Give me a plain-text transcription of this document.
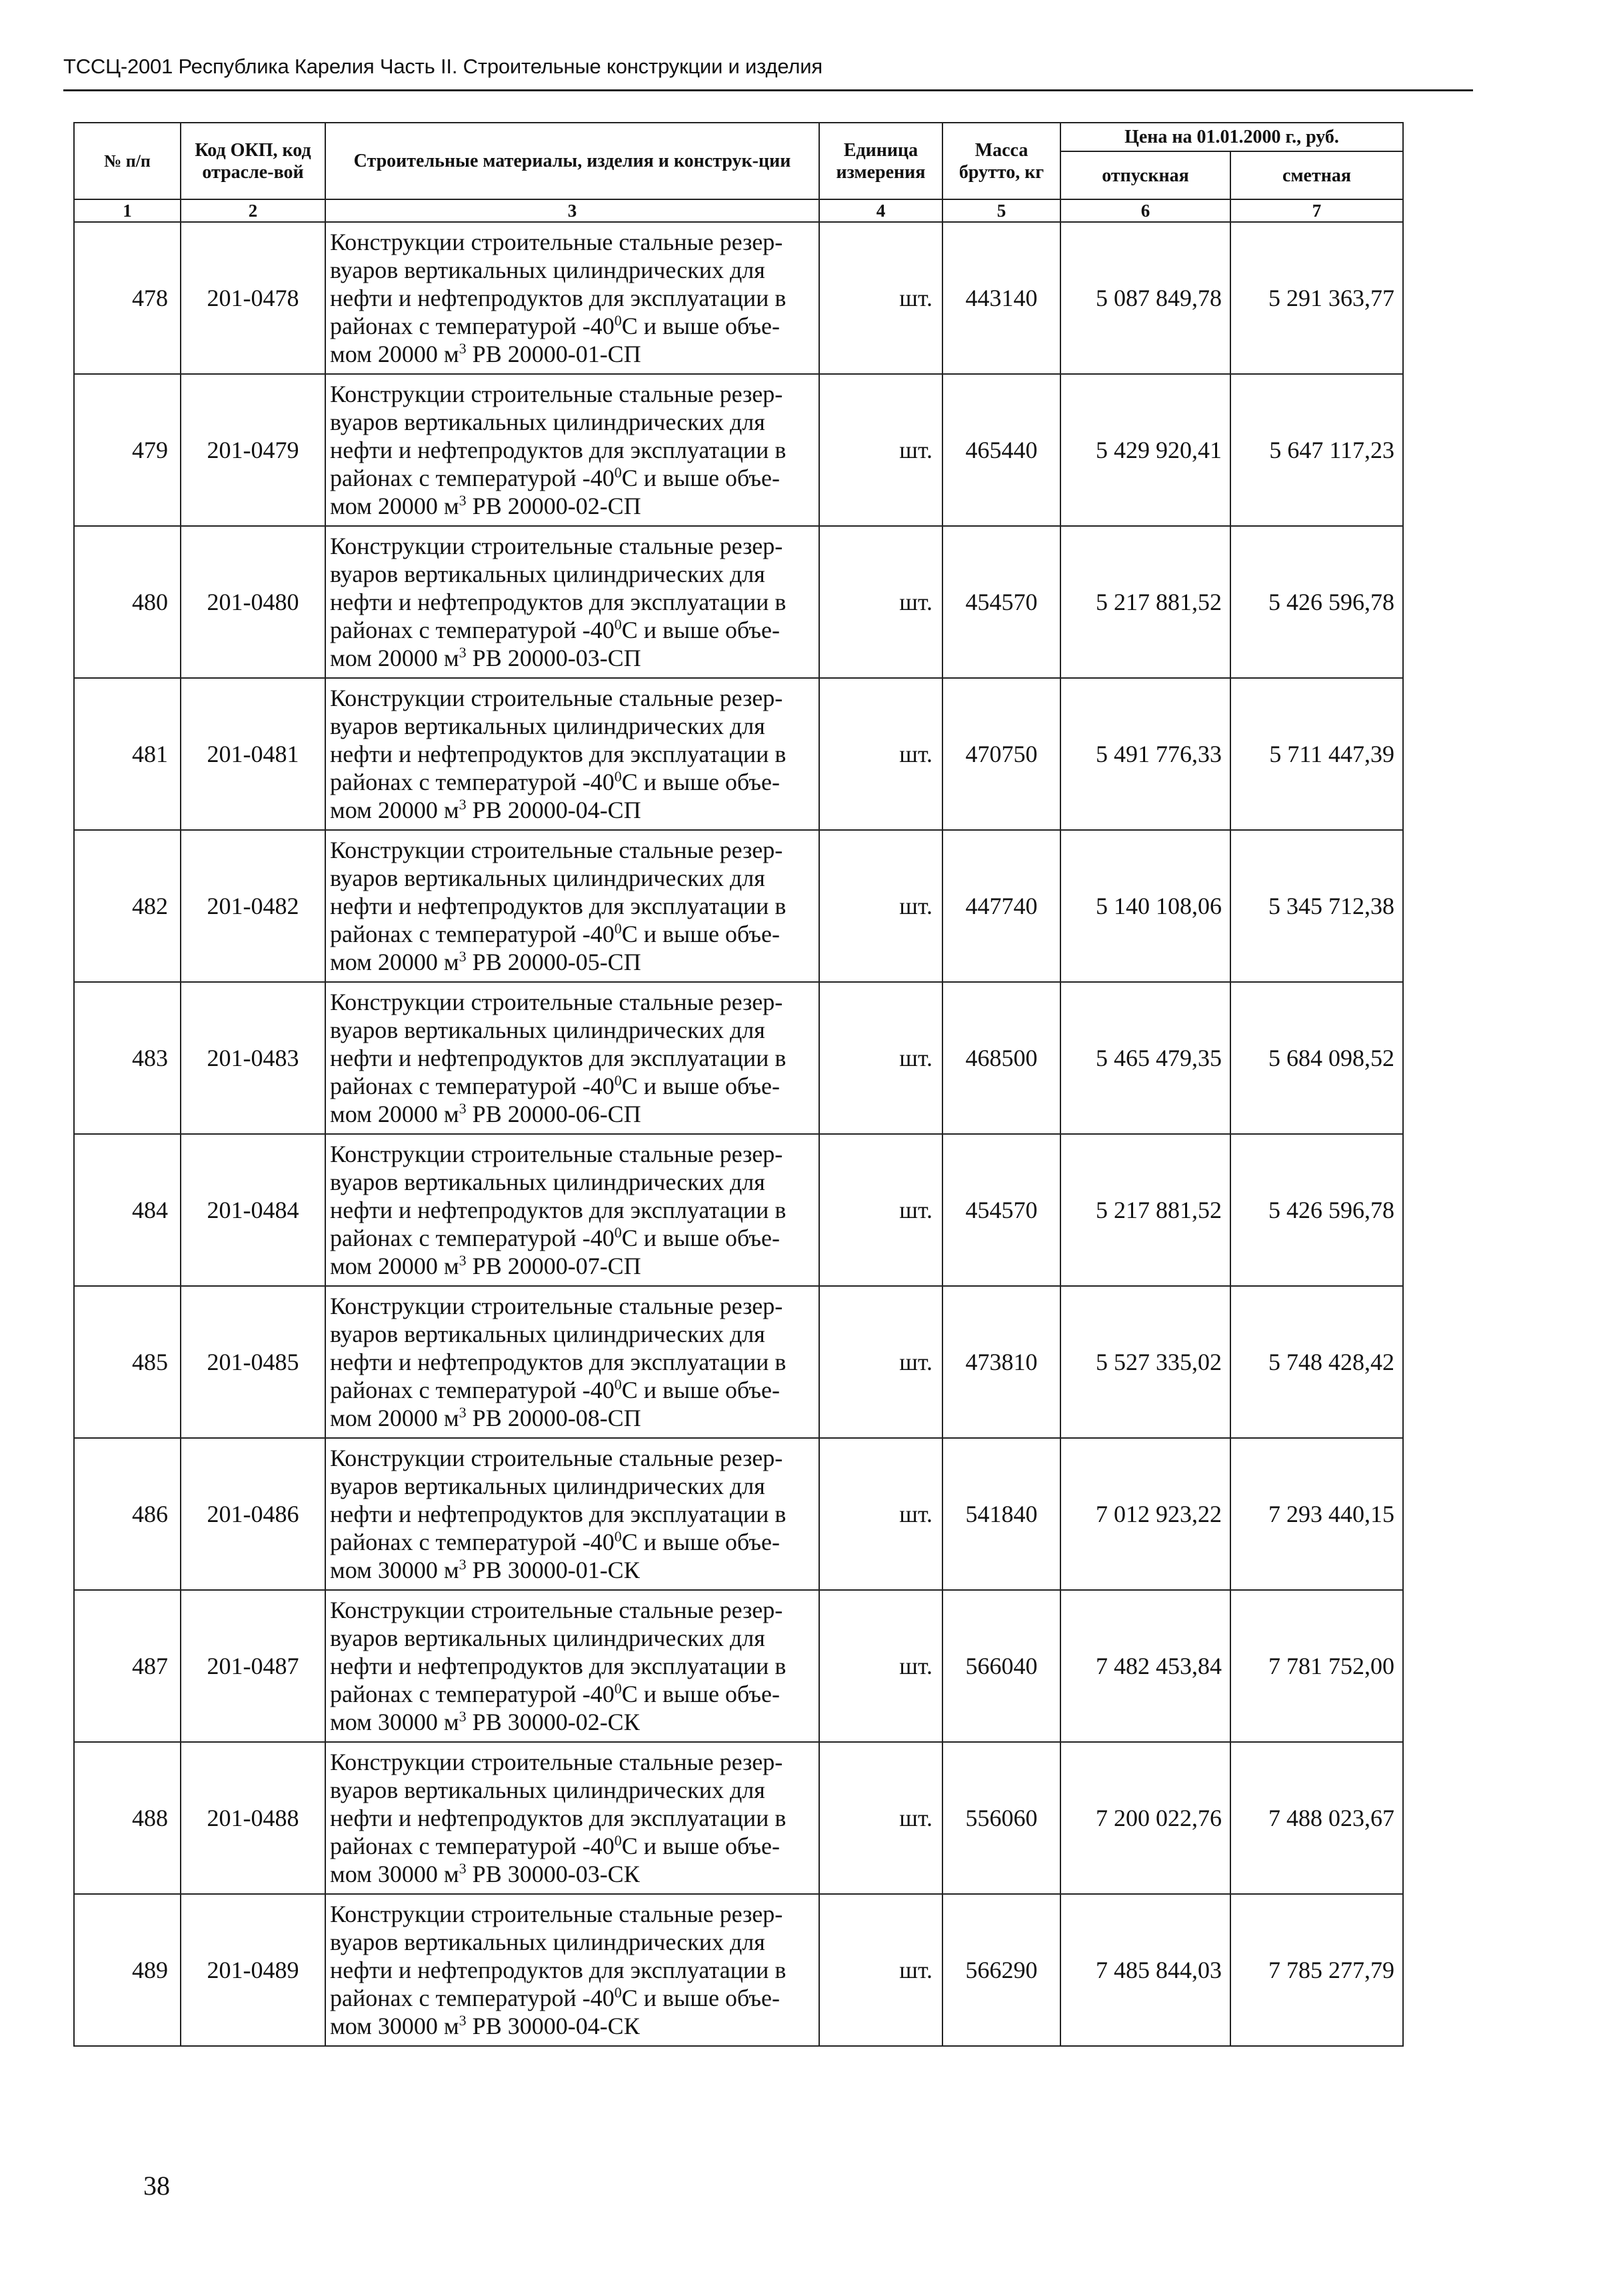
ТССЦ-2001 Республика Карелия Часть II. Строительные конструкции и изделия
№ п/п	Код ОКП, код отрасле-вой	Строительные материалы, изделия и конструк-ции	Единица измерения	Масса брутто, кг	Цена на 01.01.2000 г., руб.	
					отпускная	сметная
1	2	3	4	5	6	7
478	201-0478	Конструкции строительные стальные резер-вуаров вертикальных цилиндрических для нефти и нефтепродуктов для эксплуатации в районах с температурой $-40^0С$ и выше объе-мом 20000 $м^3$ РВ 20000-01-СП	шт.	443140	5 087 849,78	5 291 363,77
479	201-0479	Конструкции строительные стальные резер-вуаров вертикальных цилиндрических для нефти и нефтепродуктов для эксплуатации в районах с температурой $-40^0С$ и выше объе-мом 20000 $м^3$ РВ 20000-02-СП	шт.	465440	5 429 920,41	5 647 117,23
480	201-0480	Конструкции строительные стальные резер-вуаров вертикальных цилиндрических для нефти и нефтепродуктов для эксплуатации в районах с температурой $-40^0С$ и выше объе-мом 20000 $м^3$ РВ 20000-03-СП	шт.	454570	5 217 881,52	5 426 596,78
481	201-0481	Конструкции строительные стальные резер-вуаров вертикальных цилиндрических для нефти и нефтепродуктов для эксплуатации в районах с температурой $-40^0С$ и выше объе-мом 20000 $м^3$ РВ 20000-04-СП	шт.	470750	5 491 776,33	5 711 447,39
482	201-0482	Конструкции строительные стальные резер-вуаров вертикальных цилиндрических для нефти и нефтепродуктов для эксплуатации в районах с температурой $-40^0С$ и выше объе-мом 20000 $м^3$ РВ 20000-05-СП	шт.	447740	5 140 108,06	5 345 712,38
483	201-0483	Конструкции строительные стальные резер-вуаров вертикальных цилиндрических для нефти и нефтепродуктов для эксплуатации в районах с температурой $-40^0С$ и выше объе-мом 20000 $м^3$ РВ 20000-06-СП	шт.	468500	5 465 479,35	5 684 098,52
484	201-0484	Конструкции строительные стальные резер-вуаров вертикальных цилиндрических для нефти и нефтепродуктов для эксплуатации в районах с температурой $-40^0С$ и выше объе-мом 20000 $м^3$ РВ 20000-07-СП	шт.	454570	5 217 881,52	5 426 596,78
485	201-0485	Конструкции строительные стальные резер-вуаров вертикальных цилиндрических для нефти и нефтепродуктов для эксплуатации в районах с температурой $-40^0С$ и выше объе-мом 20000 $м^3$ РВ 20000-08-СП	шт.	473810	5 527 335,02	5 748 428,42
486	201-0486	Конструкции строительные стальные резер-вуаров вертикальных цилиндрических для нефти и нефтепродуктов для эксплуатации в районах с температурой $-40^0С$ и выше объе-мом 30000 $м^3$ РВ 30000-01-СК	шт.	541840	7 012 923,22	7 293 440,15
487	201-0487	Конструкции строительные стальные резер-вуаров вертикальных цилиндрических для нефти и нефтепродуктов для эксплуатации в районах с температурой $-40^0С$ и выше объе-мом 30000 $м^3$ РВ 30000-02-СК	шт.	566040	7 482 453,84	7 781 752,00
488	201-0488	Конструкции строительные стальные резер-вуаров вертикальных цилиндрических для нефти и нефтепродуктов для эксплуатации в районах с температурой $-40^0С$ и выше объе-мом 30000 $м^3$ РВ 30000-03-СК	шт.	556060	7 200 022,76	7 488 023,67
489	201-0489	Конструкции строительные стальные резер-вуаров вертикальных цилиндрических для нефти и нефтепродуктов для эксплуатации в районах с температурой $-40^0С$ и выше объе-мом 30000 $м^3$ РВ 30000-04-СК	шт.	566290	7 485 844,03	7 785 277,79
38
